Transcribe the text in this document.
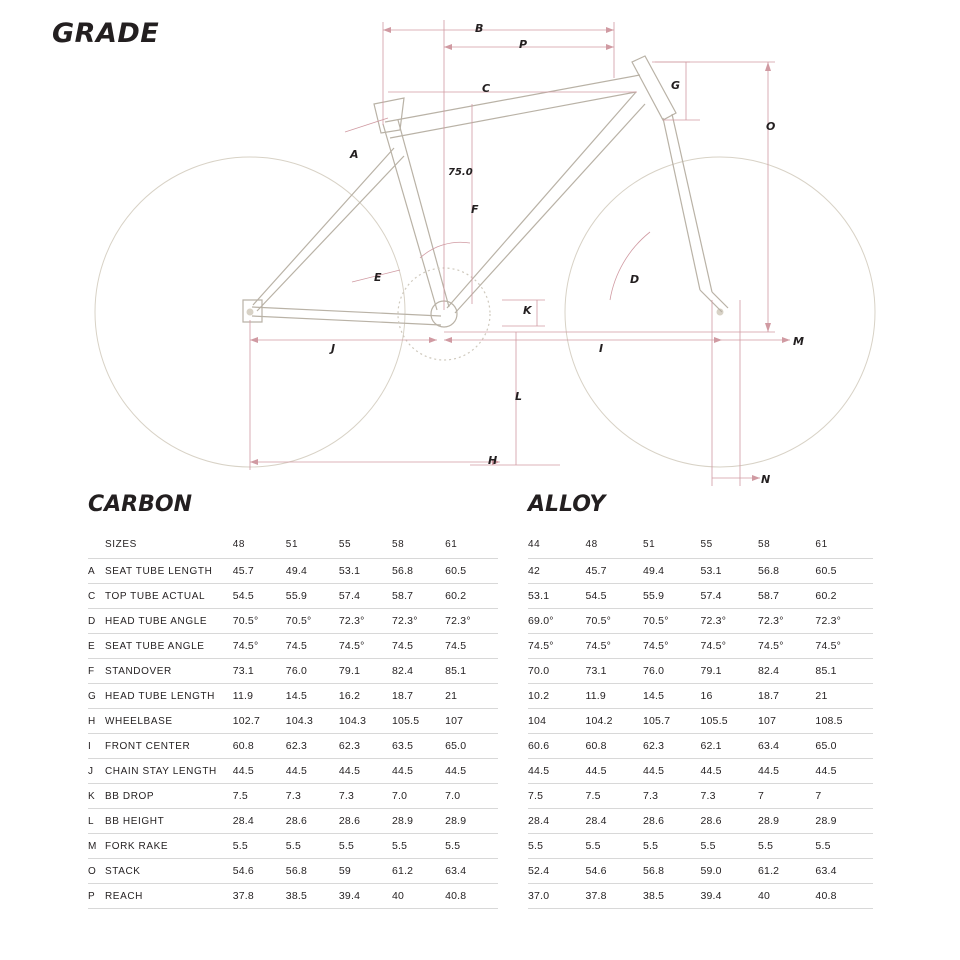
GRADE	B
P
C	G
O
A
F
E	D
K
I
M
J
L
H
N
75.0
CARBON
	SIZES	48	51	55	58	61
A	SEAT TUBE LENGTH	45.7	49.4	53.1	56.8	60.5
C	TOP TUBE ACTUAL	54.5	55.9	57.4	58.7	60.2
D	HEAD TUBE ANGLE	70.5°	70.5°	72.3°	72.3°	72.3°
E	SEAT TUBE ANGLE	74.5°	74.5	74.5°	74.5	74.5
F	STANDOVER	73.1	76.0	79.1	82.4	85.1
G	HEAD TUBE LENGTH	11.9	14.5	16.2	18.7	21
H	WHEELBASE	102.7	104.3	104.3	105.5	107
I	FRONT CENTER	60.8	62.3	62.3	63.5	65.0
J	CHAIN STAY LENGTH	44.5	44.5	44.5	44.5	44.5
K	BB DROP	7.5	7.3	7.3	7.0	7.0
L	BB HEIGHT	28.4	28.6	28.6	28.9	28.9
M	FORK RAKE	5.5	5.5	5.5	5.5	5.5
O	STACK	54.6	56.8	59	61.2	63.4
P	REACH	37.8	38.5	39.4	40	40.8
ALLOY
44	48	51	55	58	61
42	45.7	49.4	53.1	56.8	60.5
53.1	54.5	55.9	57.4	58.7	60.2
69.0°	70.5°	70.5°	72.3°	72.3°	72.3°
74.5°	74.5°	74.5°	74.5°	74.5°	74.5°
70.0	73.1	76.0	79.1	82.4	85.1
10.2	11.9	14.5	16	18.7	21
104	104.2	105.7	105.5	107	108.5
60.6	60.8	62.3	62.1	63.4	65.0
44.5	44.5	44.5	44.5	44.5	44.5
7.5	7.5	7.3	7.3	7	7
28.4	28.4	28.6	28.6	28.9	28.9
5.5	5.5	5.5	5.5	5.5	5.5
52.4	54.6	56.8	59.0	61.2	63.4
37.0	37.8	38.5	39.4	40	40.8
